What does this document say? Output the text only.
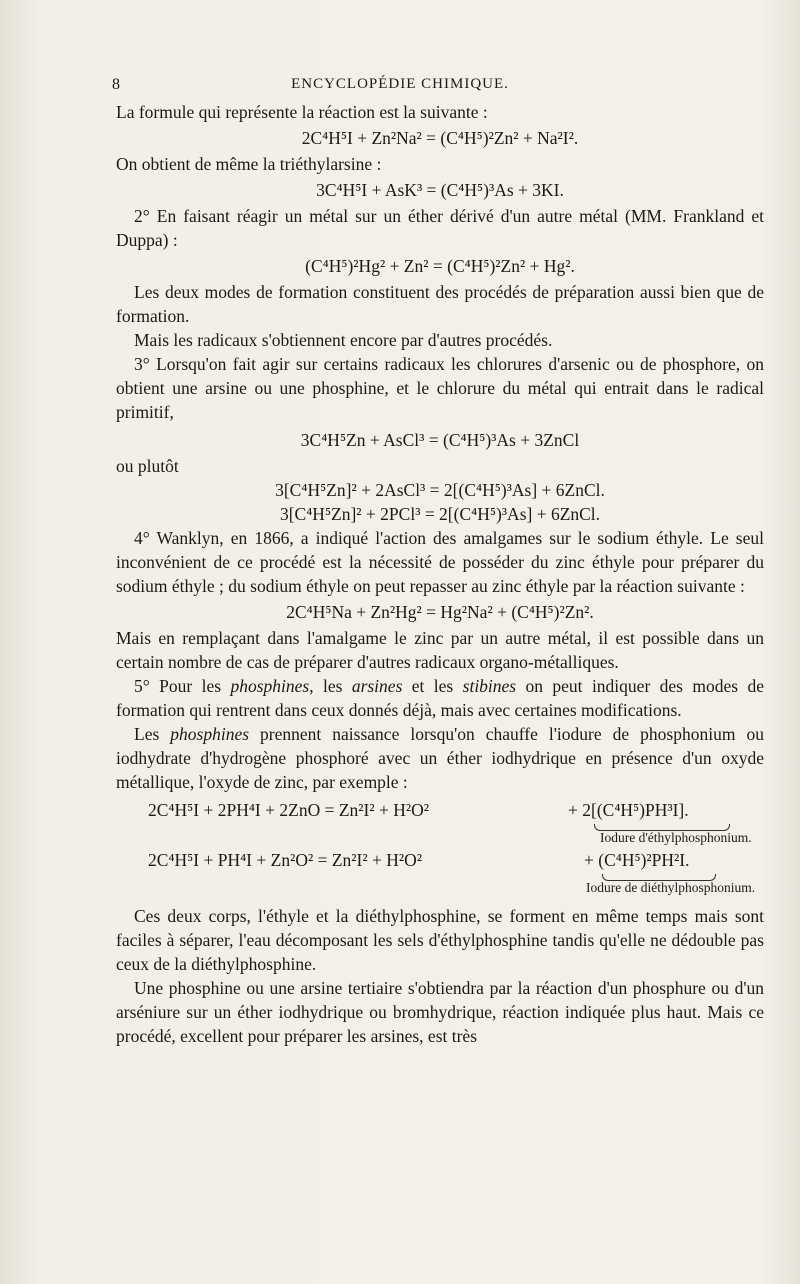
8	ENCYCLOPÉDIE CHIMIQUE.

La formule qui représente la réaction est la suivante :

2C⁴H⁵I + Zn²Na² = (C⁴H⁵)²Zn² + Na²I².

On obtient de même la triéthylarsine :

3C⁴H⁵I + AsK³ = (C⁴H⁵)³As + 3KI.

2° En faisant réagir un métal sur un éther dérivé d'un autre métal (MM. Frankland et Duppa) :

(C⁴H⁵)²Hg² + Zn² = (C⁴H⁵)²Zn² + Hg².

Les deux modes de formation constituent des procédés de préparation aussi bien que de formation.

Mais les radicaux s'obtiennent encore par d'autres procédés.

3° Lorsqu'on fait agir sur certains radicaux les chlorures d'arsenic ou de phosphore, on obtient une arsine ou une phosphine, et le chlorure du métal qui entrait dans le radical primitif,

3C⁴H⁵Zn + AsCl³ = (C⁴H⁵)³As + 3ZnCl

ou plutôt

3[C⁴H⁵Zn]² + 2AsCl³ = 2[(C⁴H⁵)³As] + 6ZnCl.
3[C⁴H⁵Zn]² + 2PCl³ = 2[(C⁴H⁵)³As] + 6ZnCl.

4° Wanklyn, en 1866, a indiqué l'action des amalgames sur le sodium éthyle. Le seul inconvénient de ce procédé est la nécessité de posséder du zinc éthyle pour préparer du sodium éthyle ; du sodium éthyle on peut repasser au zinc éthyle par la réaction suivante :

2C⁴H⁵Na + Zn²Hg² = Hg²Na² + (C⁴H⁵)²Zn².

Mais en remplaçant dans l'amalgame le zinc par un autre métal, il est possible dans un certain nombre de cas de préparer d'autres radicaux organo-métalliques.

5° Pour les phosphines, les arsines et les stibines on peut indiquer des modes de formation qui rentrent dans ceux donnés déjà, mais avec certaines modifications.

Les phosphines prennent naissance lorsqu'on chauffe l'iodure de phosphonium ou iodhydrate d'hydrogène phosphoré avec un éther iodhydrique en présence d'un oxyde métallique, l'oxyde de zinc, par exemple :

2C⁴H⁵I + 2PH⁴I + 2ZnO = Zn²I² + H²O²	+ 2[(C⁴H⁵)PH³I].
Iodure d'éthylphosphonium.
2C⁴H⁵I + PH⁴I + Zn²O² = Zn²I² + H²O²	+ (C⁴H⁵)²PH²I.
Iodure de diéthylphosphonium.

Ces deux corps, l'éthyle et la diéthylphosphine, se forment en même temps mais sont faciles à séparer, l'eau décomposant les sels d'éthylphosphine tandis qu'elle ne dédouble pas ceux de la diéthylphosphine.

Une phosphine ou une arsine tertiaire s'obtiendra par la réaction d'un phosphure ou d'un arséniure sur un éther iodhydrique ou bromhydrique, réaction indiquée plus haut. Mais ce procédé, excellent pour préparer les arsines, est très
